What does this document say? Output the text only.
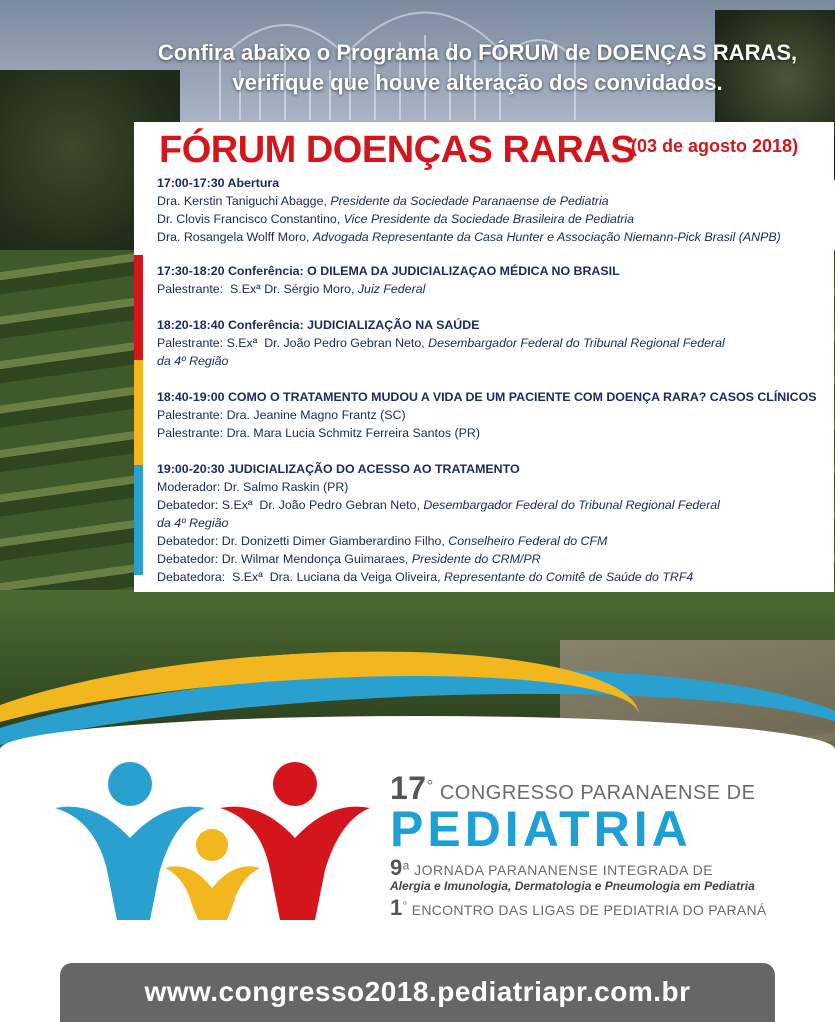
Confira abaixo o Programa do FÓRUM de DOENÇAS RARAS,
verifique que houve alteração dos convidados.
FÓRUM DOENÇAS RARAS
(03 de agosto 2018)
17:00-17:30 Abertura
Dra. Kerstin Taniguchi Abagge, Presidente da Sociedade Paranaense de Pediatria
Dr. Clovis Francisco Constantino, Vice Presidente da Sociedade Brasileira de Pediatria
Dra. Rosangela Wolff Moro, Advogada Representante da Casa Hunter e Associação Niemann-Pick Brasil (ANPB)
17:30-18:20 Conferência: O DILEMA DA JUDICIALIZAÇAO MÉDICA NO BRASIL
Palestrante:  S.Exª Dr. Sérgio Moro, Juiz Federal
18:20-18:40 Conferência: JUDICIALIZAÇÃO NA SAÚDE
Palestrante: S.Exª  Dr. João Pedro Gebran Neto, Desembargador Federal do Tribunal Regional Federal
da 4º Região
18:40-19:00 COMO O TRATAMENTO MUDOU A VIDA DE UM PACIENTE COM DOENÇA RARA? CASOS CLÍNICOS
Palestrante: Dra. Jeanine Magno Frantz (SC)
Palestrante: Dra. Mara Lucia Schmitz Ferreira Santos (PR)
19:00-20:30 JUDICIALIZAÇÃO DO ACESSO AO TRATAMENTO
Moderador: Dr. Salmo Raskin (PR)
Debatedor: S.Exª  Dr. João Pedro Gebran Neto, Desembargador Federal do Tribunal Regional Federal
da 4º Região
Debatedor: Dr. Donizetti Dimer Giamberardino Filho, Conselheiro Federal do CFM
Debatedor: Dr. Wilmar Mendonça Guimaraes, Presidente do CRM/PR
Debatedora:  S.Exª  Dra. Luciana da Veiga Oliveira, Representante do Comitê de Saúde do TRF4
17° CONGRESSO PARANAENSE DE
PEDIATRIA
9$^a$ JORNADA PARANANENSE INTEGRADA DE
Alergia e Imunologia, Dermatologia e Pneumologia em Pediatria
1° ENCONTRO DAS LIGAS DE PEDIATRIA DO PARANÁ
www.congresso2018.pediatriapr.com.br
